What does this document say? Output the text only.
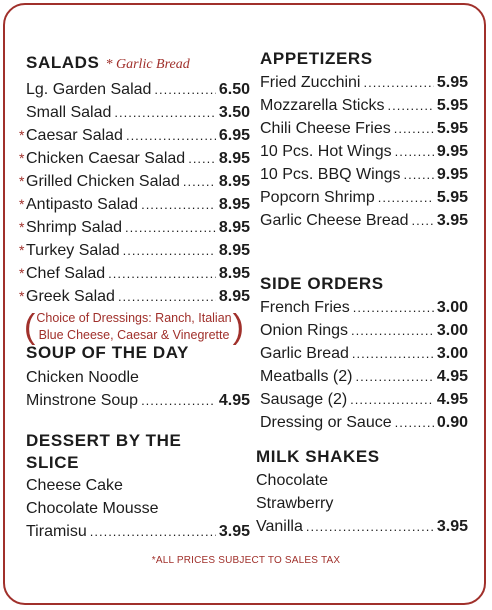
SALADS * Garlic Bread
Lg. Garden Salad .....	6.50
Small Salad .....	3.50
* Caesar Salad .....	6.95
* Chicken Caesar Salad ..... 8.95
* Grilled Chicken Salad ..... 8.95
* Antipasto Salad .....	8.95
* Shrimp Salad .....	8.95
* Turkey Salad .....	8.95
* Chef Salad .....	8.95
* Greek Salad .....	8.95
( Choice of Dressings: Ranch, Italian
Blue Cheese, Caesar & Vinegrette )
SOUP OF THE DAY
Chicken Noodle
Minstrone Soup .....	4.95
DESSERT BY THE
SLICE
Cheese Cake
Chocolate Mousse
Tiramisu .....	3.95
APPETIZERS
Fried Zucchini .....	5.95
Mozzarella Sticks .....	5.95
Chili Cheese Fries .....	5.95
10 Pcs. Hot Wings .....	9.95
10 Pcs. BBQ Wings ..... 9.95
Popcorn Shrimp .....	5.95
Garlic Cheese Bread ..... 3.95
SIDE ORDERS
French Fries .....	3.00
Onion Rings .....	3.00
Garlic Bread .....	3.00
Meatballs (2) .....	4.95
Sausage (2) .....	4.95
Dressing or Sauce .....	0.90
MILK SHAKES
Chocolate
Strawberry
Vanilla .....	3.95
*ALL PRICES SUBJECT TO SALES TAX
